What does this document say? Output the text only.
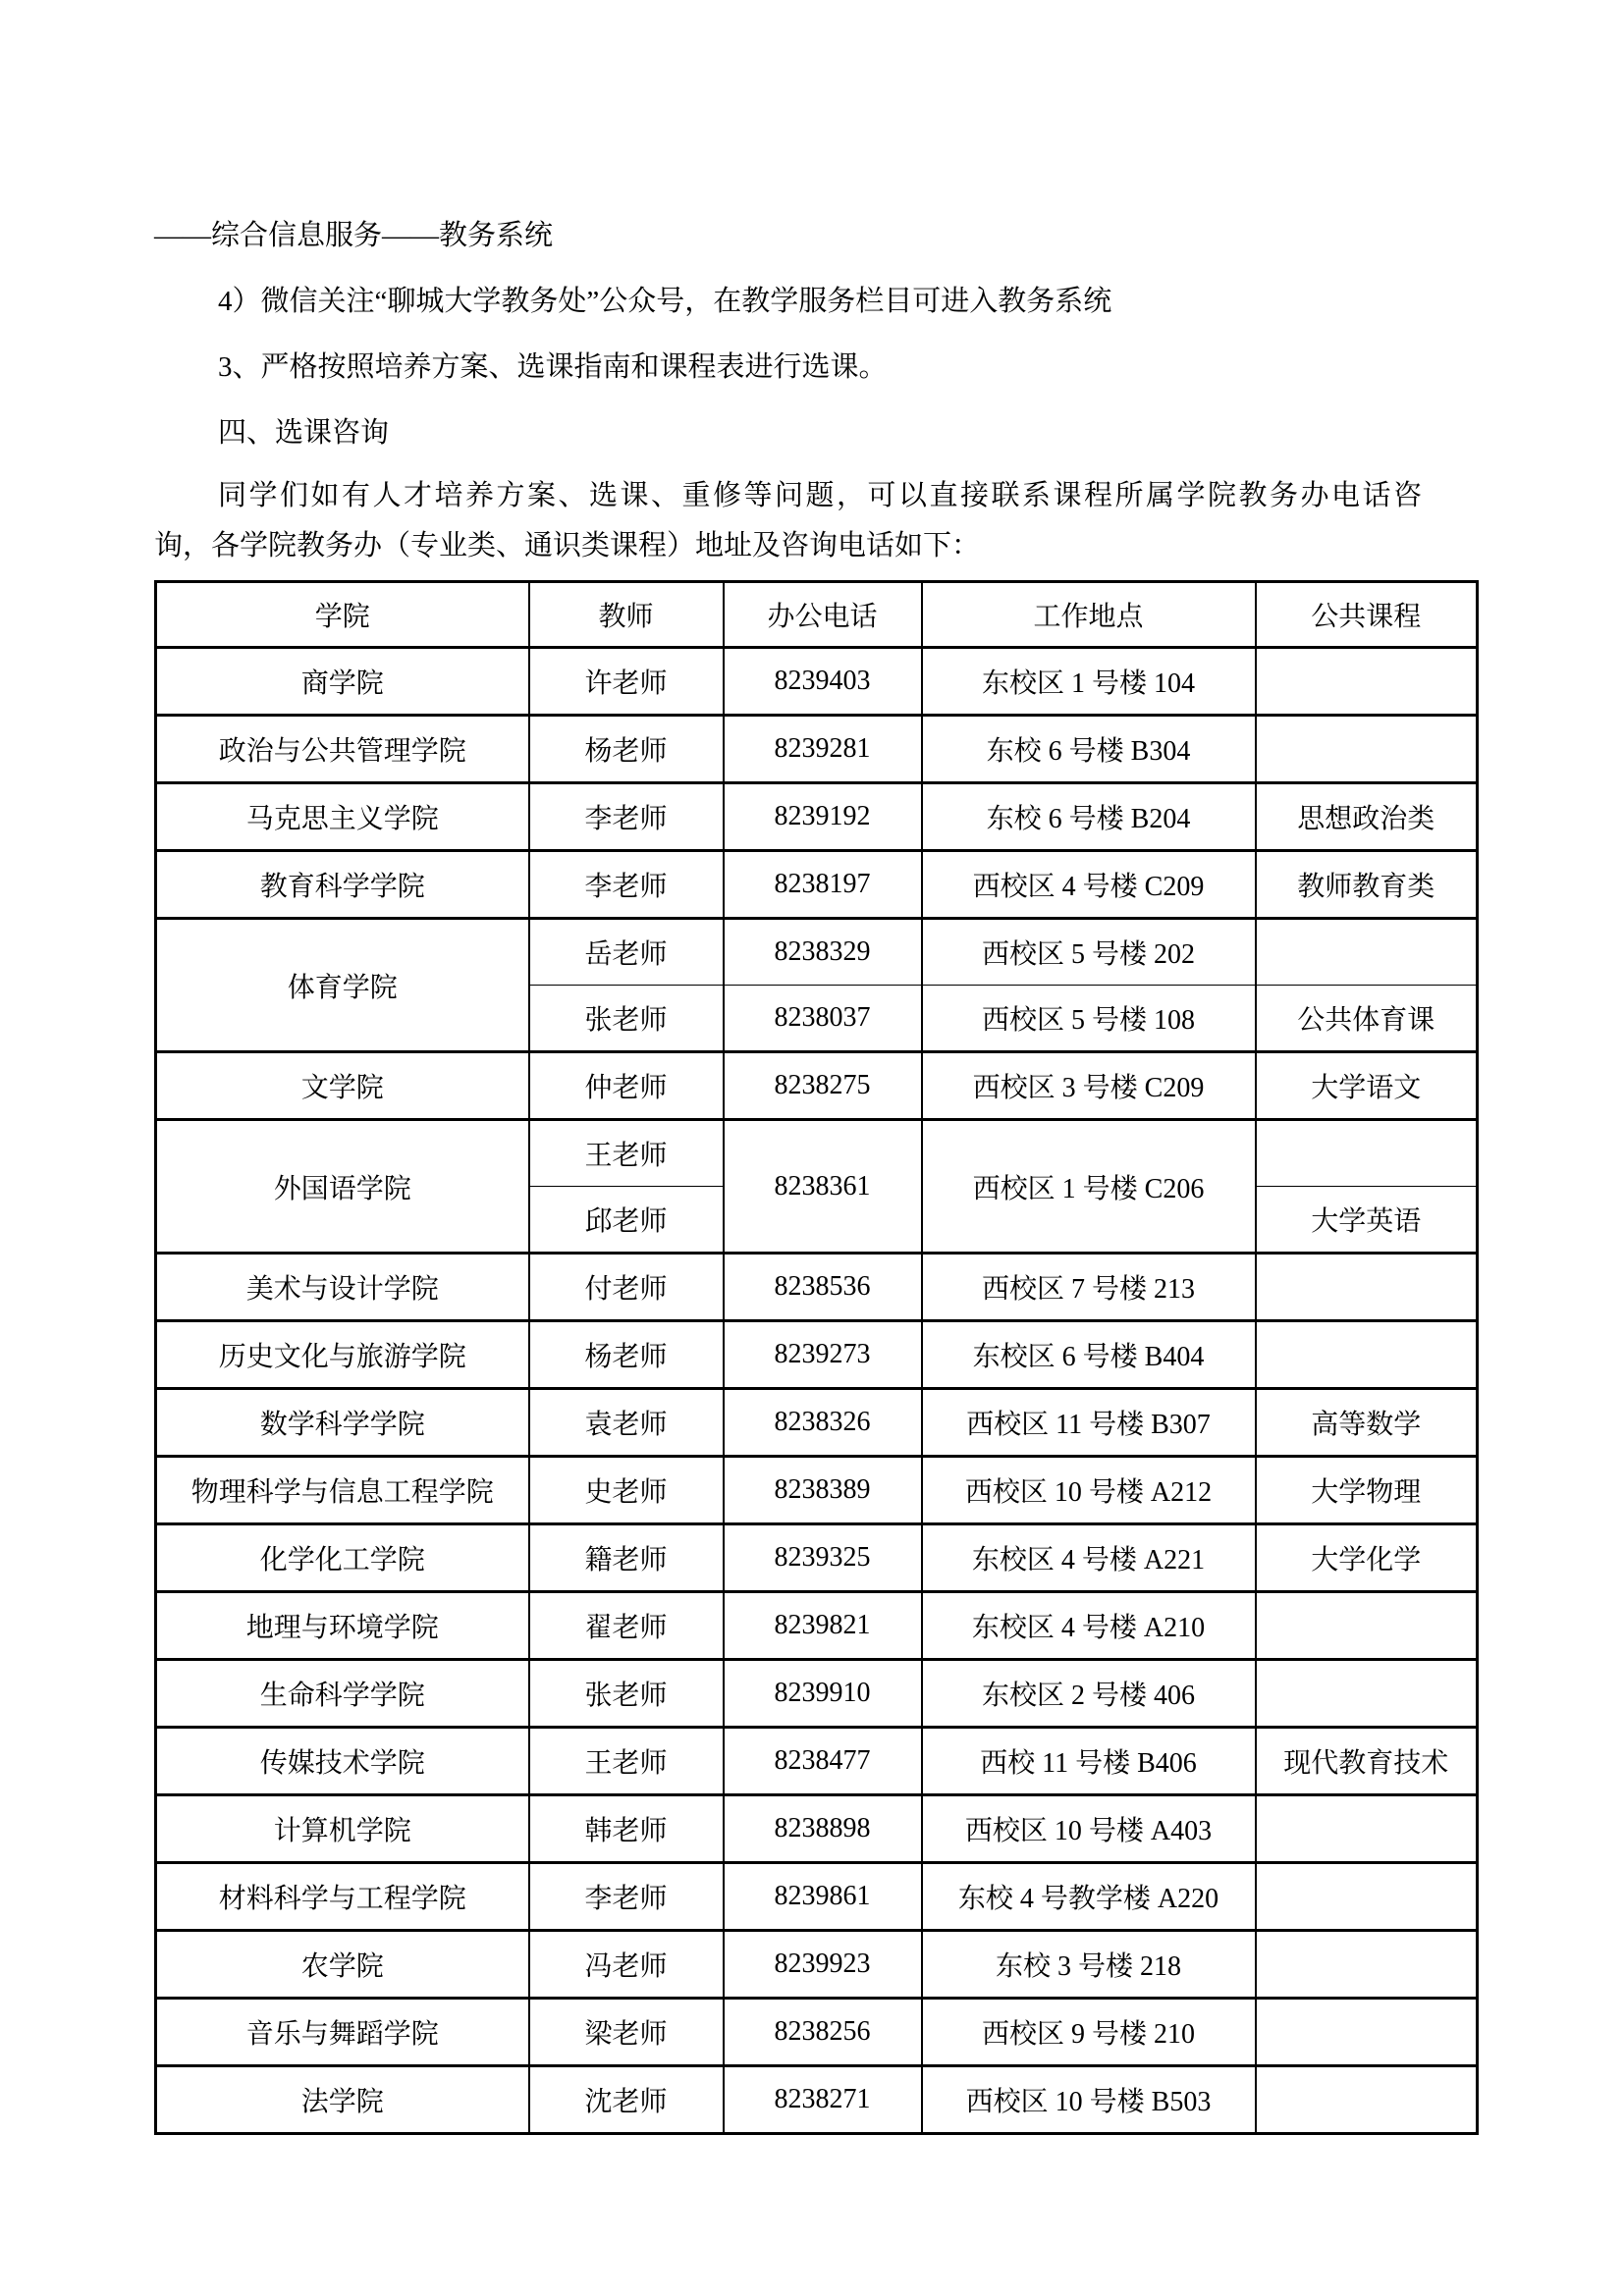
——综合信息服务——教务系统
4）微信关注“聊城大学教务处”公众号，在教学服务栏目可进入教务系统
3、严格按照培养方案、选课指南和课程表进行选课。
四、选课咨询
同学们如有人才培养方案、选课、重修等问题，可以直接联系课程所属学院教务办电话咨
询，各学院教务办（专业类、通识类课程）地址及咨询电话如下：
学院	教师	办公电话	工作地点	公共课程
商学院	许老师	8239403	东校区 1 号楼 104	
政治与公共管理学院	杨老师	8239281	东校 6 号楼 B304	
马克思主义学院	李老师	8239192	东校 6 号楼 B204	思想政治类
教育科学学院	李老师	8238197	西校区 4 号楼 C209	教师教育类
体育学院	岳老师	8238329	西校区 5 号楼 202	
	张老师	8238037	西校区 5 号楼 108	公共体育课
文学院	仲老师	8238275	西校区 3 号楼 C209	大学语文
外国语学院	王老师	8238361	西校区 1 号楼 C206	
	邱老师			大学英语
美术与设计学院	付老师	8238536	西校区 7 号楼 213	
历史文化与旅游学院	杨老师	8239273	东校区 6 号楼 B404	
数学科学学院	袁老师	8238326	西校区 11 号楼 B307	高等数学
物理科学与信息工程学院	史老师	8238389	西校区 10 号楼 A212	大学物理
化学化工学院	籍老师	8239325	东校区 4 号楼 A221	大学化学
地理与环境学院	翟老师	8239821	东校区 4 号楼 A210	
生命科学学院	张老师	8239910	东校区 2 号楼 406	
传媒技术学院	王老师	8238477	西校 11 号楼 B406	现代教育技术
计算机学院	韩老师	8238898	西校区 10 号楼 A403	
材料科学与工程学院	李老师	8239861	东校 4 号教学楼 A220	
农学院	冯老师	8239923	东校 3 号楼 218	
音乐与舞蹈学院	梁老师	8238256	西校区 9 号楼 210	
法学院	沈老师	8238271	西校区 10 号楼 B503	
